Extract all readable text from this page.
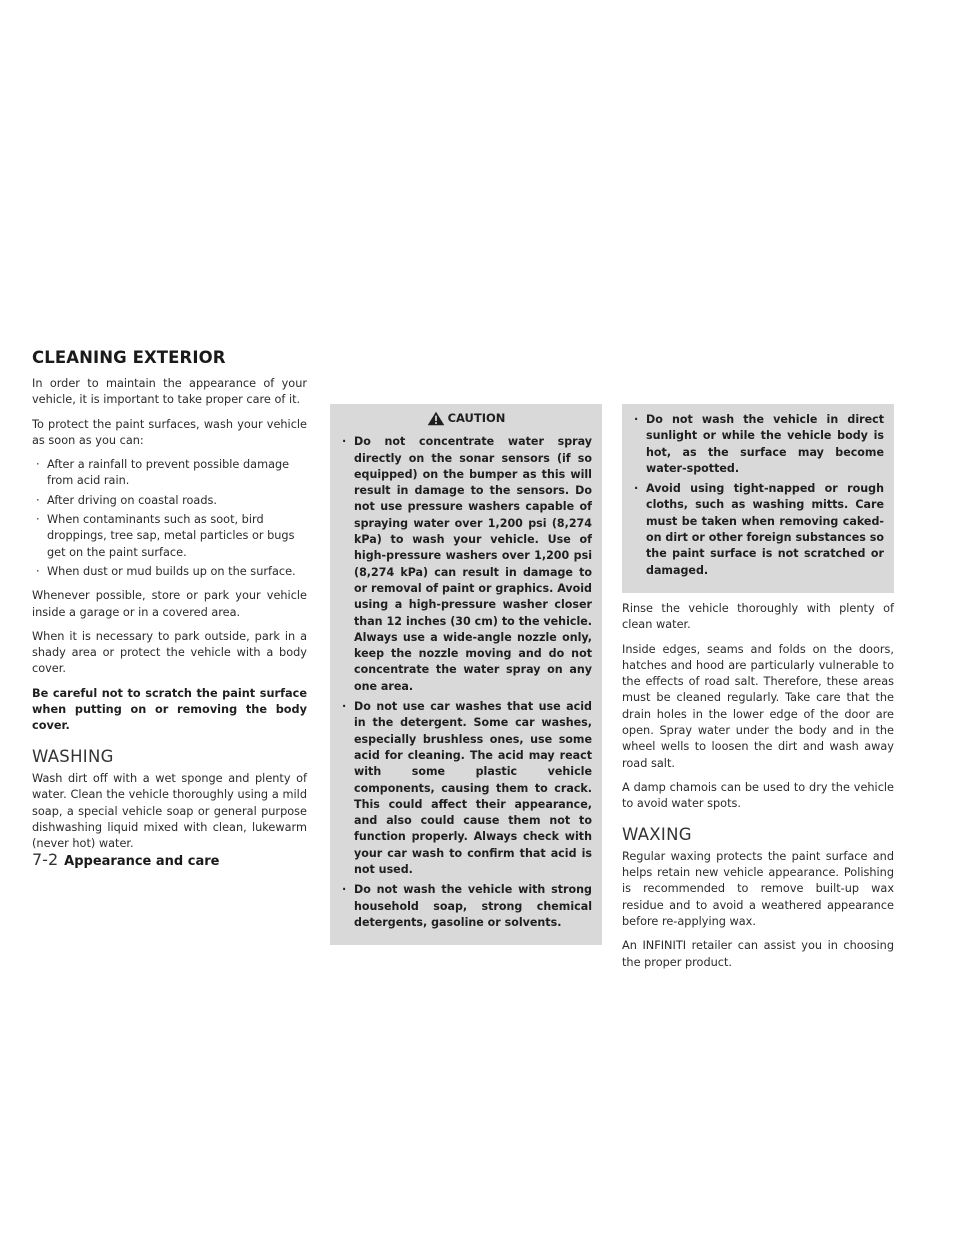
CLEANING EXTERIOR

In order to maintain the appearance of your vehicle, it is important to take proper care of it.

To protect the paint surfaces, wash your vehicle as soon as you can:

· After a rainfall to prevent possible damage from acid rain.
· After driving on coastal roads.
· When contaminants such as soot, bird droppings, tree sap, metal particles or bugs get on the paint surface.
· When dust or mud builds up on the surface.

Whenever possible, store or park your vehicle inside a garage or in a covered area.

When it is necessary to park outside, park in a shady area or protect the vehicle with a body cover.

Be careful not to scratch the paint surface when putting on or removing the body cover.

WASHING

Wash dirt off with a wet sponge and plenty of water. Clean the vehicle thoroughly using a mild soap, a special vehicle soap or general purpose dishwashing liquid mixed with clean, lukewarm (never hot) water.

CAUTION
· Do not concentrate water spray directly on the sonar sensors (if so equipped) on the bumper as this will result in damage to the sensors. Do not use pressure washers capable of spraying water over 1,200 psi (8,274 kPa) to wash your vehicle. Use of high-pressure washers over 1,200 psi (8,274 kPa) can result in damage to or removal of paint or graphics. Avoid using a high-pressure washer closer than 12 inches (30 cm) to the vehicle. Always use a wide-angle nozzle only, keep the nozzle moving and do not concentrate the water spray on any one area.
· Do not use car washes that use acid in the detergent. Some car washes, especially brushless ones, use some acid for cleaning. The acid may react with some plastic vehicle components, causing them to crack. This could affect their appearance, and also could cause them not to function properly. Always check with your car wash to confirm that acid is not used.
· Do not wash the vehicle with strong household soap, strong chemical detergents, gasoline or solvents.
· Do not wash the vehicle in direct sunlight or while the vehicle body is hot, as the surface may become water-spotted.
· Avoid using tight-napped or rough cloths, such as washing mitts. Care must be taken when removing caked-on dirt or other foreign substances so the paint surface is not scratched or damaged.

Rinse the vehicle thoroughly with plenty of clean water.

Inside edges, seams and folds on the doors, hatches and hood are particularly vulnerable to the effects of road salt. Therefore, these areas must be cleaned regularly. Take care that the drain holes in the lower edge of the door are open. Spray water under the body and in the wheel wells to loosen the dirt and wash away road salt.

A damp chamois can be used to dry the vehicle to avoid water spots.

WAXING

Regular waxing protects the paint surface and helps retain new vehicle appearance. Polishing is recommended to remove built-up wax residue and to avoid a weathered appearance before re-applying wax.

An INFINITI retailer can assist you in choosing the proper product.

7-2 Appearance and care
